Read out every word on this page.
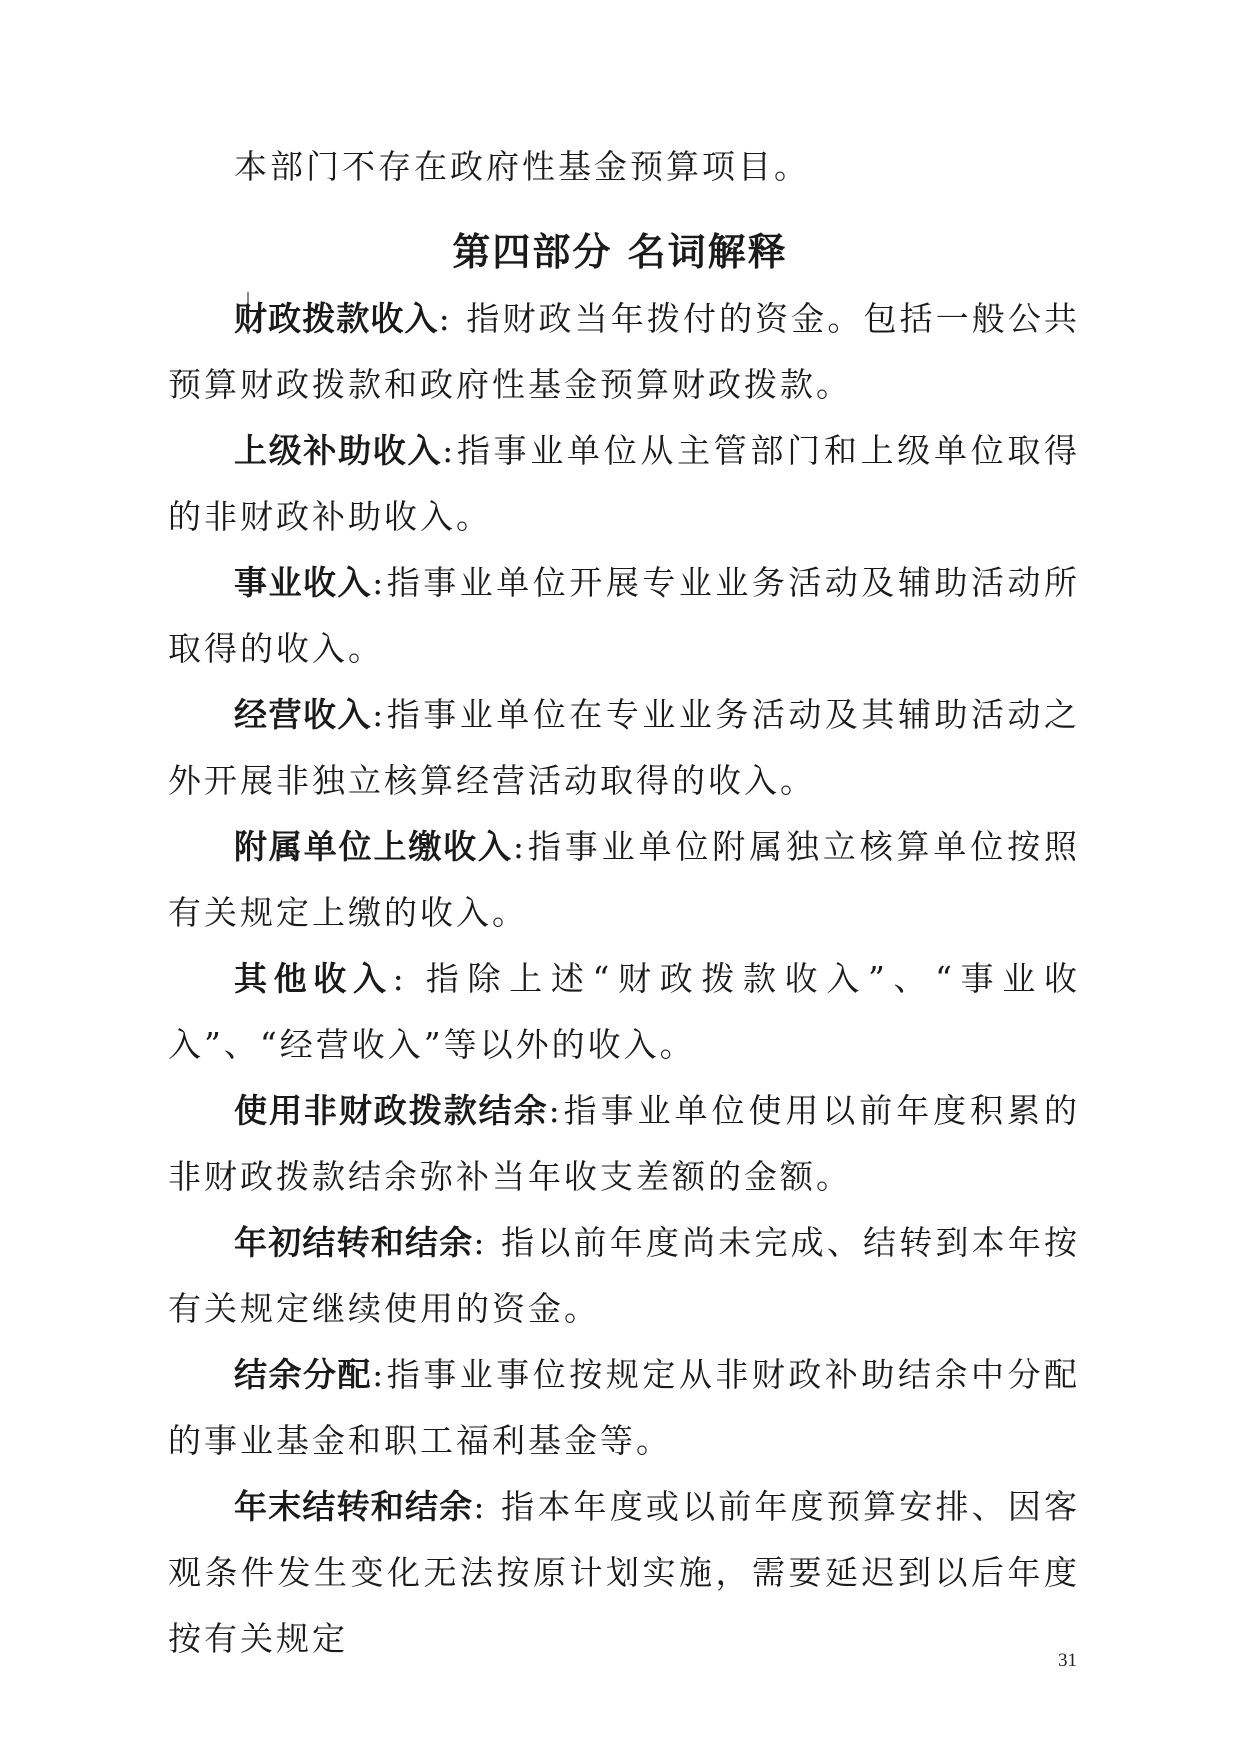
本部门不存在政府性基金预算项目。

第四部分 名词解释

财政拨款收入: 指财政当年拨付的资金。包括一般公共预算财政拨款和政府性基金预算财政拨款。

上级补助收入:指事业单位从主管部门和上级单位取得的非财政补助收入。

事业收入:指事业单位开展专业业务活动及辅助活动所取得的收入。

经营收入:指事业单位在专业业务活动及其辅助活动之外开展非独立核算经营活动取得的收入。

附属单位上缴收入:指事业单位附属独立核算单位按照有关规定上缴的收入。

其他收入: 指除上述“财政拨款收入”、“事业收入”、“经营收入”等以外的收入。

使用非财政拨款结余:指事业单位使用以前年度积累的非财政拨款结余弥补当年收支差额的金额。

年初结转和结余: 指以前年度尚未完成、结转到本年按有关规定继续使用的资金。

结余分配:指事业事位按规定从非财政补助结余中分配的事业基金和职工福利基金等。

年末结转和结余: 指本年度或以前年度预算安排、因客观条件发生变化无法按原计划实施，需要延迟到以后年度按有关规定

31
